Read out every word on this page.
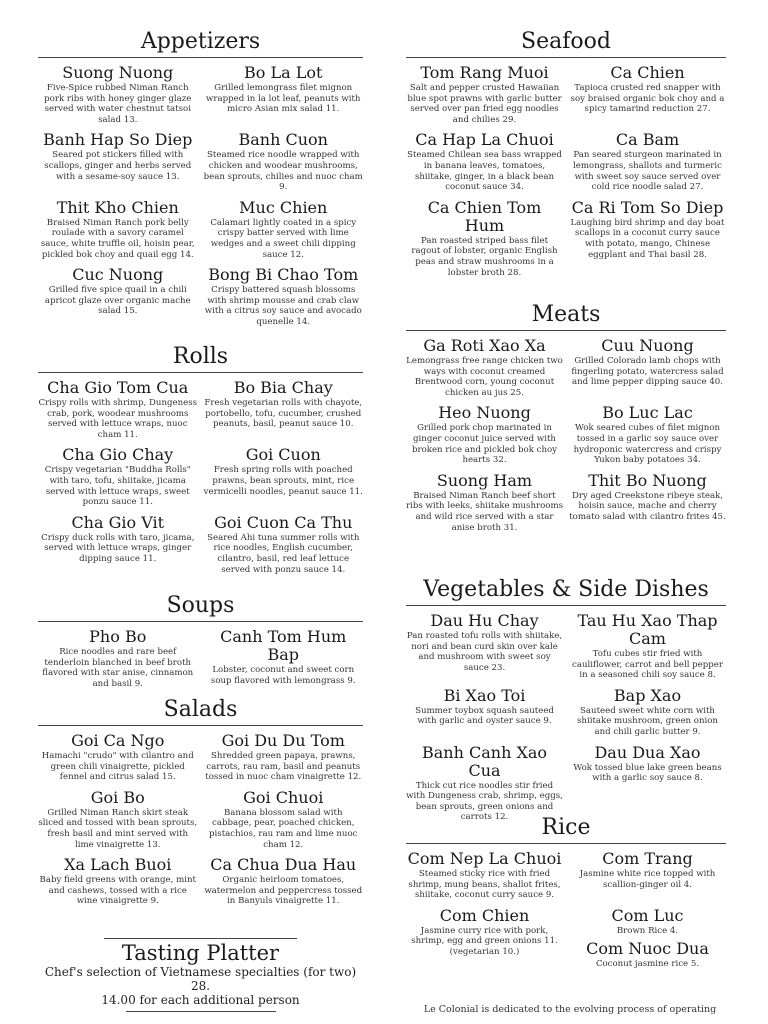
Appetizers
Suong Nuong
Five-Spice rubbed Niman Ranch pork ribs with honey ginger glaze served with water chestnut tatsoi salad 13.
Bo La Lot
Grilled lemongrass filet mignon wrapped in la lot leaf, peanuts with micro Asian mix salad 11.
Banh Hap So Diep
Seared pot stickers filled with scallops, ginger and herbs served with a sesame-soy sauce 13.
Banh Cuon
Steamed rice noodle wrapped with chicken and woodear mushrooms, bean sprouts, chilies and nuoc cham 9.
Thit Kho Chien
Braised Niman Ranch pork belly roulade with a savory caramel sauce, white truffle oil, hoisin pear, pickled bok choy and quail egg 14.
Muc Chien
Calamari lightly coated in a spicy crispy batter served with lime wedges and a sweet chili dipping sauce 12.
Cuc Nuong
Grilled five spice quail in a chili apricot glaze over organic mache salad 15.
Bong Bi Chao Tom
Crispy battered squash blossoms with shrimp mousse and crab claw with a citrus soy sauce and avocado quenelle 14.
Rolls
Cha Gio Tom Cua
Crispy rolls with shrimp, Dungeness crab, pork, woodear mushrooms served with lettuce wraps, nuoc cham 11.
Bo Bia Chay
Fresh vegetarian rolls with chayote, portobello, tofu, cucumber, crushed peanuts, basil, peanut sauce 10.
Cha Gio Chay
Crispy vegetarian "Buddha Rolls" with taro, tofu, shiitake, jicama served with lettuce wraps, sweet ponzu sauce 11.
Goi Cuon
Fresh spring rolls with poached prawns, bean sprouts, mint, rice vermicelli noodles, peanut sauce 11.
Cha Gio Vit
Crispy duck rolls with taro, jicama, served with lettuce wraps, ginger dipping sauce 11.
Goi Cuon Ca Thu
Seared Ahi tuna summer rolls with rice noodles, English cucumber, cilantro, basil, red leaf lettuce served with ponzu sauce 14.
Soups
Pho Bo
Rice noodles and rare beef tenderloin blanched in beef broth flavored with star anise, cinnamon and basil 9.
Canh Tom Hum Bap
Lobster, coconut and sweet corn soup flavored with lemongrass 9.
Salads
Goi Ca Ngo
Hamachi "crudo" with cilantro and green chili vinaigrette, pickled fennel and citrus salad 15.
Goi Du Du Tom
Shredded green papaya, prawns, carrots, rau ram, basil and peanuts tossed in nuoc cham vinaigrette 12.
Goi Bo
Grilled Niman Ranch skirt steak sliced and tossed with bean sprouts, fresh basil and mint served with lime vinaigrette 13.
Goi Chuoi
Banana blossom salad with cabbage, pear, poached chicken, pistachios, rau ram and lime nuoc cham 12.
Xa Lach Buoi
Baby field greens with orange, mint and cashews, tossed with a rice wine vinaigrette 9.
Ca Chua Dua Hau
Organic heirloom tomatoes, watermelon and peppercress tossed in Banyuls vinaigrette 11.
Tasting Platter
Chef's selection of Vietnamese specialties (for two) 28.
14.00 for each additional person
Seafood
Tom Rang Muoi
Salt and pepper crusted Hawaiian blue spot prawns with garlic butter served over pan fried egg noodles and chilies 29.
Ca Chien
Tapioca crusted red snapper with soy braised organic bok choy and a spicy tamarind reduction 27.
Ca Hap La Chuoi
Steamed Chilean sea bass wrapped in banana leaves, tomatoes, shiitake, ginger, in a black bean coconut sauce 34.
Ca Bam
Pan seared sturgeon marinated in lemongrass, shallots and turmeric with sweet soy sauce served over cold rice noodle salad 27.
Ca Chien Tom Hum
Pan roasted striped bass filet ragout of lobster, organic English peas and straw mushrooms in a lobster broth 28.
Ca Ri Tom So Diep
Laughing bird shrimp and day boat scallops in a coconut curry sauce with potato, mango, Chinese eggplant and Thai basil 28.
Meats
Ga Roti Xao Xa
Lemongrass free range chicken two ways with coconut creamed Brentwood corn, young coconut chicken au jus 25.
Cuu Nuong
Grilled Colorado lamb chops with fingerling potato, watercress salad and lime pepper dipping sauce 40.
Heo Nuong
Grilled pork chop marinated in ginger coconut juice served with broken rice and pickled bok choy hearts 32.
Bo Luc Lac
Wok seared cubes of filet mignon tossed in a garlic soy sauce over hydroponic watercress and crispy Yukon baby potatoes 34.
Suong Ham
Braised Niman Ranch beef short ribs with leeks, shiitake mushrooms and wild rice served with a star anise broth 31.
Thit Bo Nuong
Dry aged Creekstone ribeye steak, hoisin sauce, mache and cherry tomato salad with cilantro frites 45.
Vegetables & Side Dishes
Dau Hu Chay
Pan roasted tofu rolls with shiitake, nori and bean curd skin over kale and mushroom with sweet soy sauce 23.
Tau Hu Xao Thap Cam
Tofu cubes stir fried with cauliflower, carrot and bell pepper in a seasoned chili soy sauce 8.
Bi Xao Toi
Summer toybox squash sauteed with garlic and oyster sauce 9.
Bap Xao
Sauteed sweet white corn with shiitake mushroom, green onion and chili garlic butter 9.
Banh Canh Xao Cua
Thick cut rice noodles stir fried with Dungeness crab, shrimp, eggs, bean sprouts, green onions and carrots 12.
Dau Dua Xao
Wok tossed blue lake green beans with a garlic soy sauce 8.
Rice
Com Nep La Chuoi
Steamed sticky rice with fried shrimp, mung beans, shallot frites, shiitake, coconut curry sauce 9.
Com Trang
Jasmine white rice topped with scallion-ginger oil 4.
Com Chien
Jasmine curry rice with pork, shrimp, egg and green onions 11. (vegetarian 10.)
Com Luc
Brown Rice 4.
Com Nuoc Dua
Coconut jasmine rice 5.
Le Colonial is dedicated to the evolving process of operating
